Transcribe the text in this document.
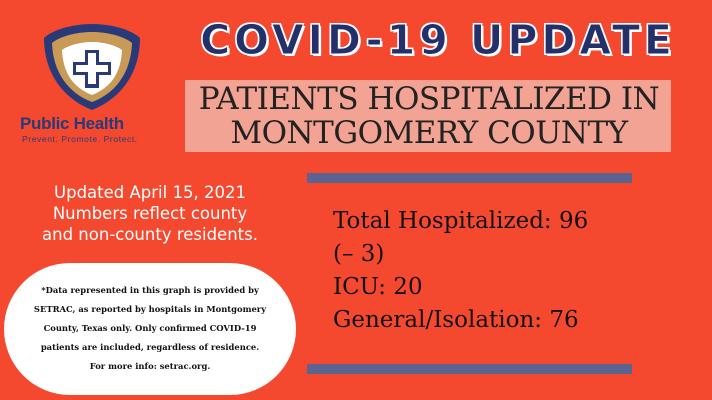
Public Health
Prevent. Promote. Protect.
COVID-19 UPDATE
PATIENTS HOSPITALIZED IN
MONTGOMERY COUNTY
Updated April 15, 2021
Numbers reflect county
and non-county residents.
Total Hospitalized: 96
(– 3)
ICU: 20
General/Isolation: 76
*Data represented in this graph is provided by
SETRAC, as reported by hospitals in Montgomery
County, Texas only. Only confirmed COVID-19
patients are included, regardless of residence.
For more info: setrac.org.
